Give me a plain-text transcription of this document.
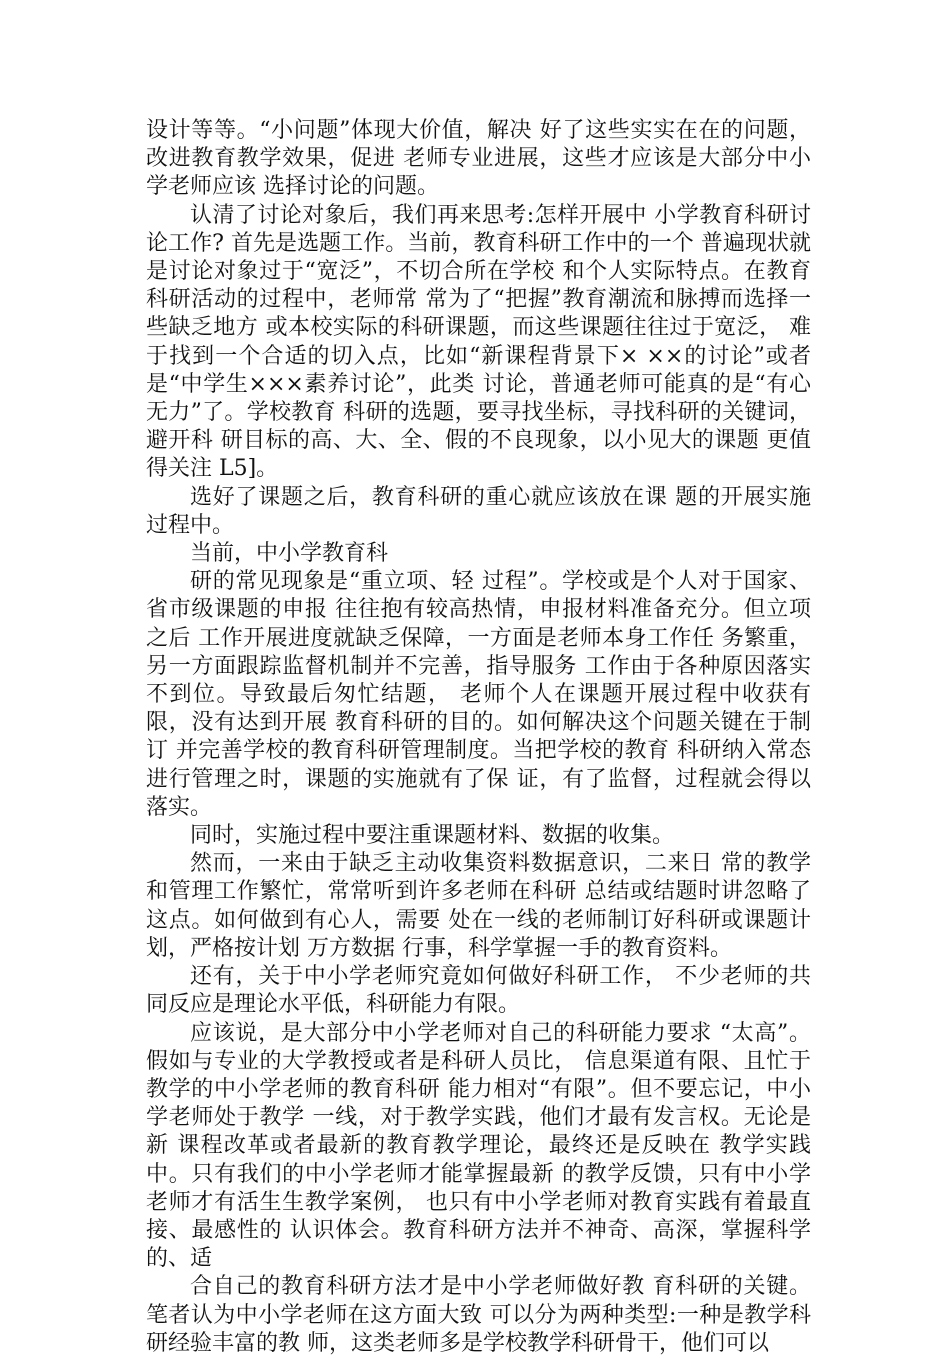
设计等等。“小问题”体现大价值，解决 好了这些实实在在的问题，改进教育教学效果，促进 老师专业进展，这些才应该是大部分中小学老师应该 选择讨论的问题。

认清了讨论对象后，我们再来思考:怎样开展中 小学教育科研讨论工作? 首先是选题工作。当前，教育科研工作中的一个 普遍现状就是讨论对象过于“宽泛”，不切合所在学校 和个人实际特点。在教育科研活动的过程中，老师常 常为了“把握”教育潮流和脉搏而选择一些缺乏地方 或本校实际的科研课题，而这些课题往往过于宽泛， 难于找到一个合适的切入点，比如“新课程背景下× ××的讨论”或者是“中学生×××素养讨论”，此类 讨论，普通老师可能真的是“有心无力”了。学校教育 科研的选题，要寻找坐标，寻找科研的关键词，避开科 研目标的高、大、全、假的不良现象，以小见大的课题 更值得关注 L5]。

选好了课题之后，教育科研的重心就应该放在课 题的开展实施过程中。

当前，中小学教育科

研的常见现象是“重立项、轻 过程”。学校或是个人对于国家、省市级课题的申报 往往抱有较高热情，申报材料准备充分。但立项之后 工作开展进度就缺乏保障，一方面是老师本身工作任 务繁重，另一方面跟踪监督机制并不完善，指导服务 工作由于各种原因落实不到位。导致最后匆忙结题， 老师个人在课题开展过程中收获有限，没有达到开展 教育科研的目的。如何解决这个问题关键在于制订 并完善学校的教育科研管理制度。当把学校的教育 科研纳入常态进行管理之时，课题的实施就有了保 证，有了监督，过程就会得以落实。

同时，实施过程中要注重课题材料、数据的收集。

然而，一来由于缺乏主动收集资料数据意识，二来日 常的教学和管理工作繁忙，常常听到许多老师在科研 总结或结题时讲忽略了这点。如何做到有心人，需要 处在一线的老师制订好科研或课题计划，严格按计划 万方数据 行事，科学掌握一手的教育资料。

还有，关于中小学老师究竟如何做好科研工作， 不少老师的共同反应是理论水平低，科研能力有限。

应该说，是大部分中小学老师对自己的科研能力要求 “太高”。假如与专业的大学教授或者是科研人员比， 信息渠道有限、且忙于教学的中小学老师的教育科研 能力相对“有限”。但不要忘记，中小学老师处于教学 一线，对于教学实践，他们才最有发言权。无论是新 课程改革或者最新的教育教学理论，最终还是反映在 教学实践中。只有我们的中小学老师才能掌握最新 的教学反馈，只有中小学老师才有活生生教学案例， 也只有中小学老师对教育实践有着最直接、最感性的 认识体会。教育科研方法并不神奇、高深，掌握科学 的、适

合自己的教育科研方法才是中小学老师做好教 育科研的关键。笔者认为中小学老师在这方面大致 可以分为两种类型:一种是教学科研经验丰富的教 师，这类老师多是学校教学科研骨干，他们可以
